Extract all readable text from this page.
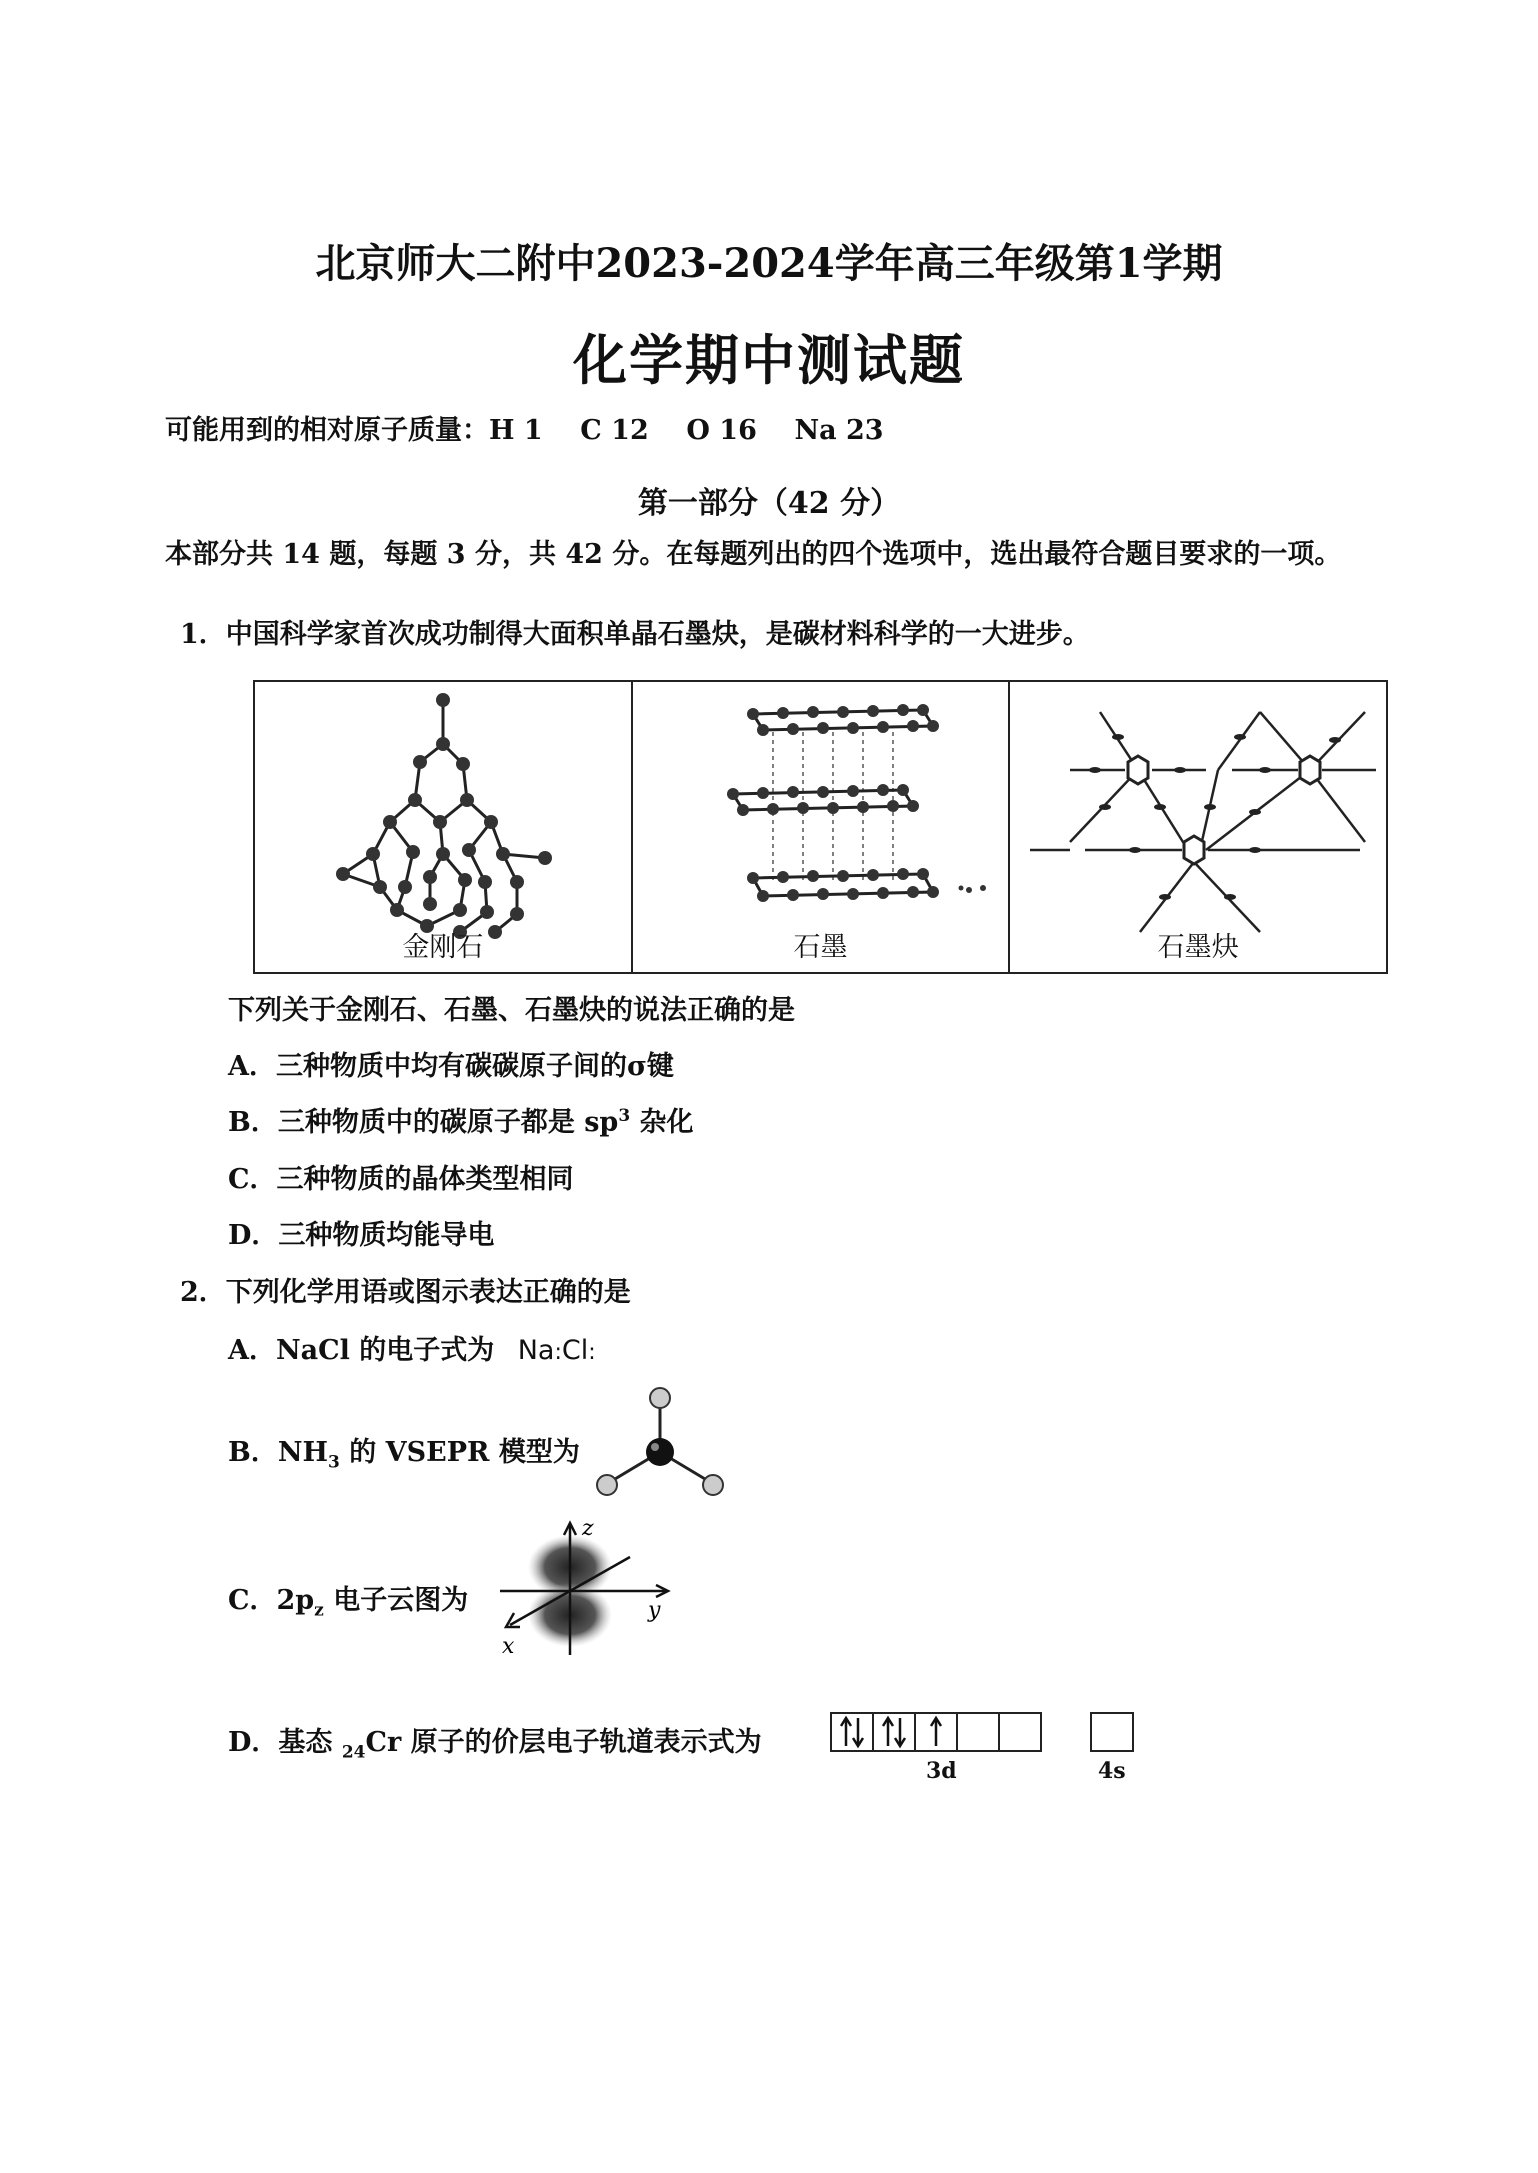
北京师大二附中2023-2024学年高三年级第1学期
化学期中测试题
可能用到的相对原子质量：H 1    C 12    O 16    Na 23
第一部分（42 分）
本部分共 14 题，每题 3 分，共 42 分。在每题列出的四个选项中，选出最符合题目要求的一项。
1．中国科学家首次成功制得大面积单晶石墨炔，是碳材料科学的一大进步。
金刚石	石墨	石墨炔
下列关于金刚石、石墨、石墨炔的说法正确的是
A．三种物质中均有碳碳原子间的σ键
B．三种物质中的碳原子都是 $sp^3$ 杂化
C．三种物质的晶体类型相同
D．三种物质均能导电
2．下列化学用语或图示表达正确的是
A．NaCl 的电子式为 Na:Cl:
B．$NH_3$ 的 VSEPR 模型为
C．$2p_z$ 电子云图为
z
y
x
D．基态 $_{24}$Cr 原子的价层电子轨道表示式为
3d	4s
